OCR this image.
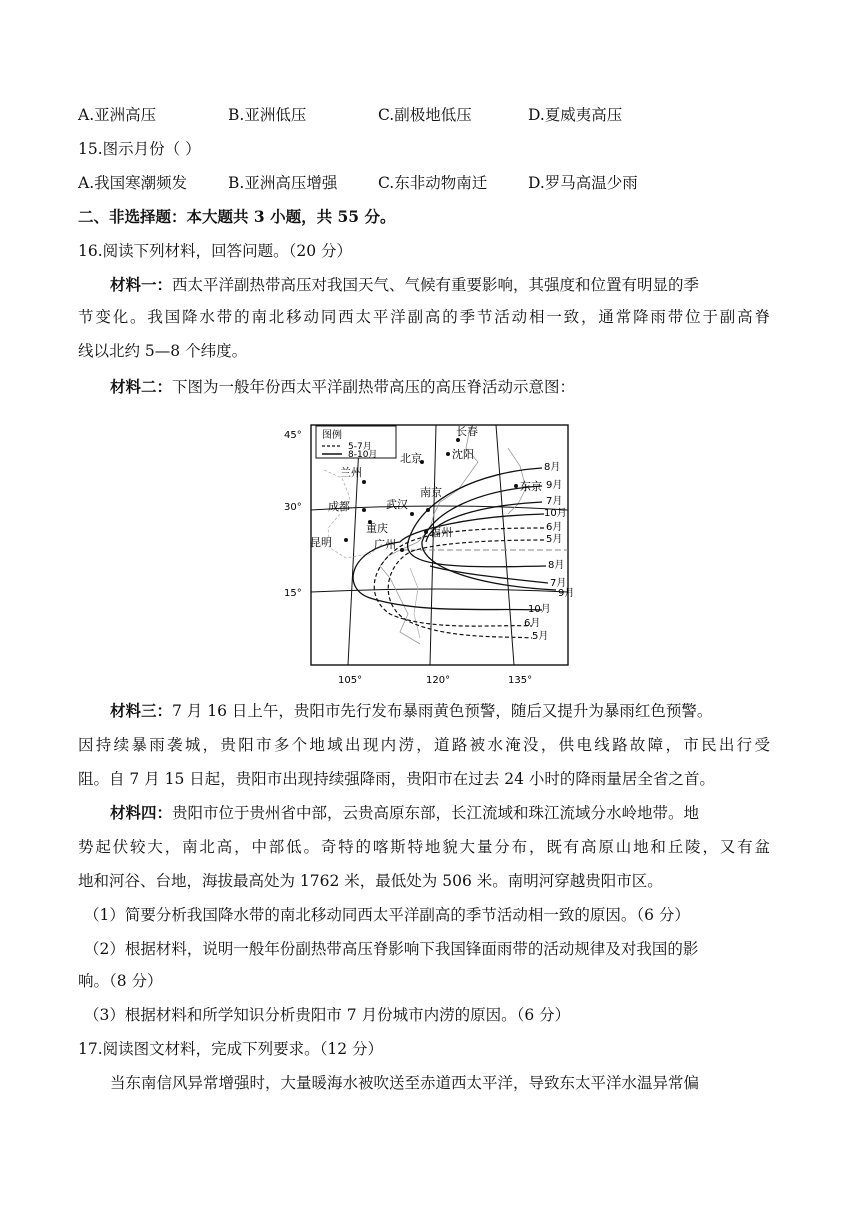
A.亚洲高压	B.亚洲低压	C.副极地低压	D.夏威夷高压
15.图示月份（ ）
A.我国寒潮频发	B.亚洲高压增强	C.东非动物南迁	D.罗马高温少雨
二、非选择题：本大题共 3 小题，共 55 分。
16.阅读下列材料，回答问题。（20 分）
材料一：西太平洋副热带高压对我国天气、气候有重要影响，其强度和位置有明显的季
节变化。我国降水带的南北移动同西太平洋副高的季节活动相一致，通常降雨带位于副高脊
线以北约 5—8 个纬度。
材料二：下图为一般年份西太平洋副热带高压的高压脊活动示意图：
图例
5-7月
8-10月
45°
30°
15°
105°	120°	135°
8月
9月
7月
10月
6月
5月
8月
7月
9月
10月
6月
5月
长春
北京	沈阳
兰州
南京	东京
成都	武汉
重庆	福州
昆明	广州
材料三：7 月 16 日上午，贵阳市先行发布暴雨黄色预警，随后又提升为暴雨红色预警。
因持续暴雨袭城，贵阳市多个地域出现内涝，道路被水淹没，供电线路故障，市民出行受
阻。自 7 月 15 日起，贵阳市出现持续强降雨，贵阳市在过去 24 小时的降雨量居全省之首。
材料四：贵阳市位于贵州省中部，云贵高原东部，长江流域和珠江流域分水岭地带。地
势起伏较大，南北高，中部低。奇特的喀斯特地貌大量分布，既有高原山地和丘陵，又有盆
地和河谷、台地，海拔最高处为 1762 米，最低处为 506 米。南明河穿越贵阳市区。
（1）简要分析我国降水带的南北移动同西太平洋副高的季节活动相一致的原因。（6 分）
（2）根据材料，说明一般年份副热带高压脊影响下我国锋面雨带的活动规律及对我国的影
响。（8 分）
（3）根据材料和所学知识分析贵阳市 7 月份城市内涝的原因。（6 分）
17.阅读图文材料，完成下列要求。（12 分）
当东南信风异常增强时，大量暖海水被吹送至赤道西太平洋，导致东太平洋水温异常偏
